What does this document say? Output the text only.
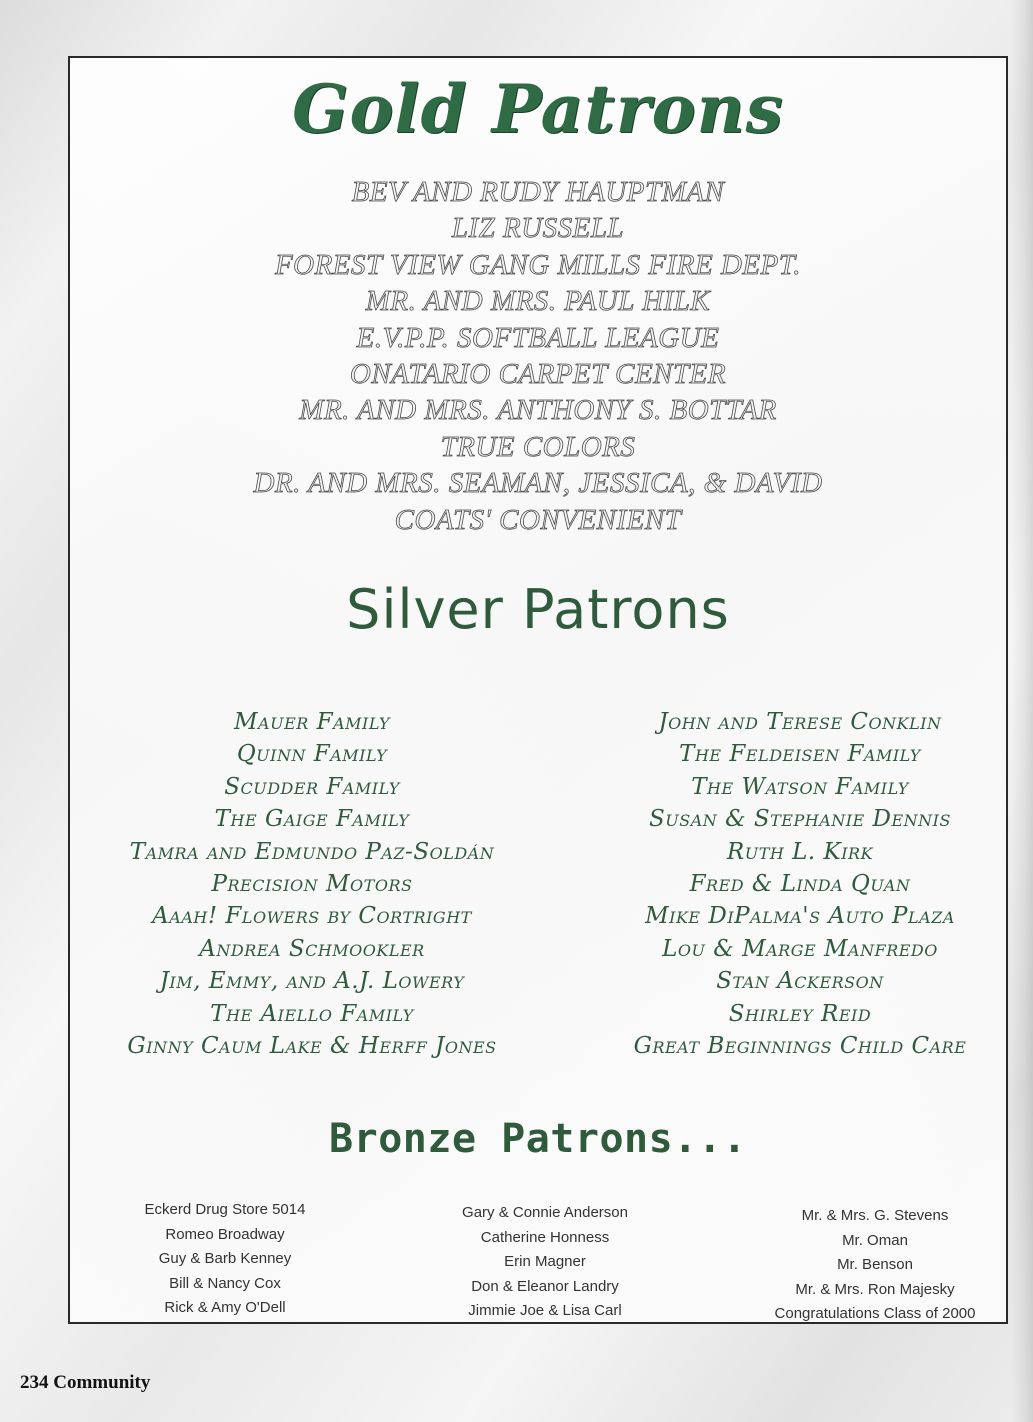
Gold Patrons
BEV AND RUDY HAUPTMAN
LIZ RUSSELL
FOREST VIEW GANG MILLS FIRE DEPT.
MR. AND MRS. PAUL HILK
E.V.P.P. SOFTBALL LEAGUE
ONATARIO CARPET CENTER
MR. AND MRS. ANTHONY S. BOTTAR
TRUE COLORS
DR. AND MRS. SEAMAN, JESSICA, & DAVID
COATS' CONVENIENT
Silver Patrons
Mauer Family
Quinn Family
Scudder Family
The Gaige Family
Tamra and Edmundo Paz-Soldán
Precision Motors
Aaah! Flowers by Cortright
Andrea Schmookler
Jim, Emmy, and A.J. Lowery
The Aiello Family
Ginny Caum Lake & Herff Jones
John and Terese Conklin
The Feldeisen Family
The Watson Family
Susan & Stephanie Dennis
Ruth L. Kirk
Fred & Linda Quan
Mike DiPalma's Auto Plaza
Lou & Marge Manfredo
Stan Ackerson
Shirley Reid
Great Beginnings Child Care
Bronze Patrons...
Eckerd Drug Store 5014
Romeo Broadway
Guy & Barb Kenney
Bill & Nancy Cox
Rick & Amy O'Dell
Gary & Connie Anderson
Catherine Honness
Erin Magner
Don & Eleanor Landry
Jimmie Joe & Lisa Carl
Mr. & Mrs. G. Stevens
Mr. Oman
Mr. Benson
Mr. & Mrs. Ron Majesky
Congratulations Class of 2000
234 Community
